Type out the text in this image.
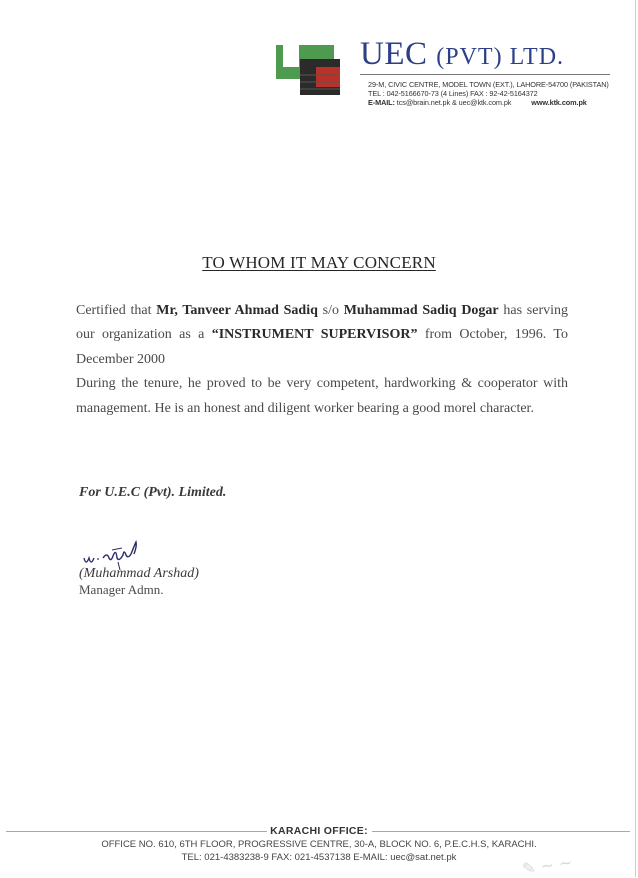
UEC (PVT) LTD.
29-M, CIVIC CENTRE, MODEL TOWN (EXT.), LAHORE-54700 (PAKISTAN)
TEL : 042-5166670-73 (4 Lines) FAX : 92-42-5164372
E-MAIL: tcs@brain.net.pk & uec@ktk.com.pk	www.ktk.com.pk
TO WHOM IT MAY CONCERN

Certified that Mr, Tanveer Ahmad Sadiq s/o Muhammad Sadiq Dogar has serving our organization as a “INSTRUMENT SUPERVISOR” from October, 1996. To December 2000

During the tenure, he proved to be very competent, hardworking & cooperator with management. He is an honest and diligent worker bearing a good morel character.

For U.E.C (Pvt). Limited.
(Muhammad Arshad)
Manager Admn.
KARACHI OFFICE:
OFFICE NO. 610, 6TH FLOOR, PROGRESSIVE CENTRE, 30-A, BLOCK NO. 6, P.E.C.H.S, KARACHI.
TEL: 021-4383238-9 FAX: 021-4537138 E-MAIL: uec@sat.net.pk	✎ ~ ~
